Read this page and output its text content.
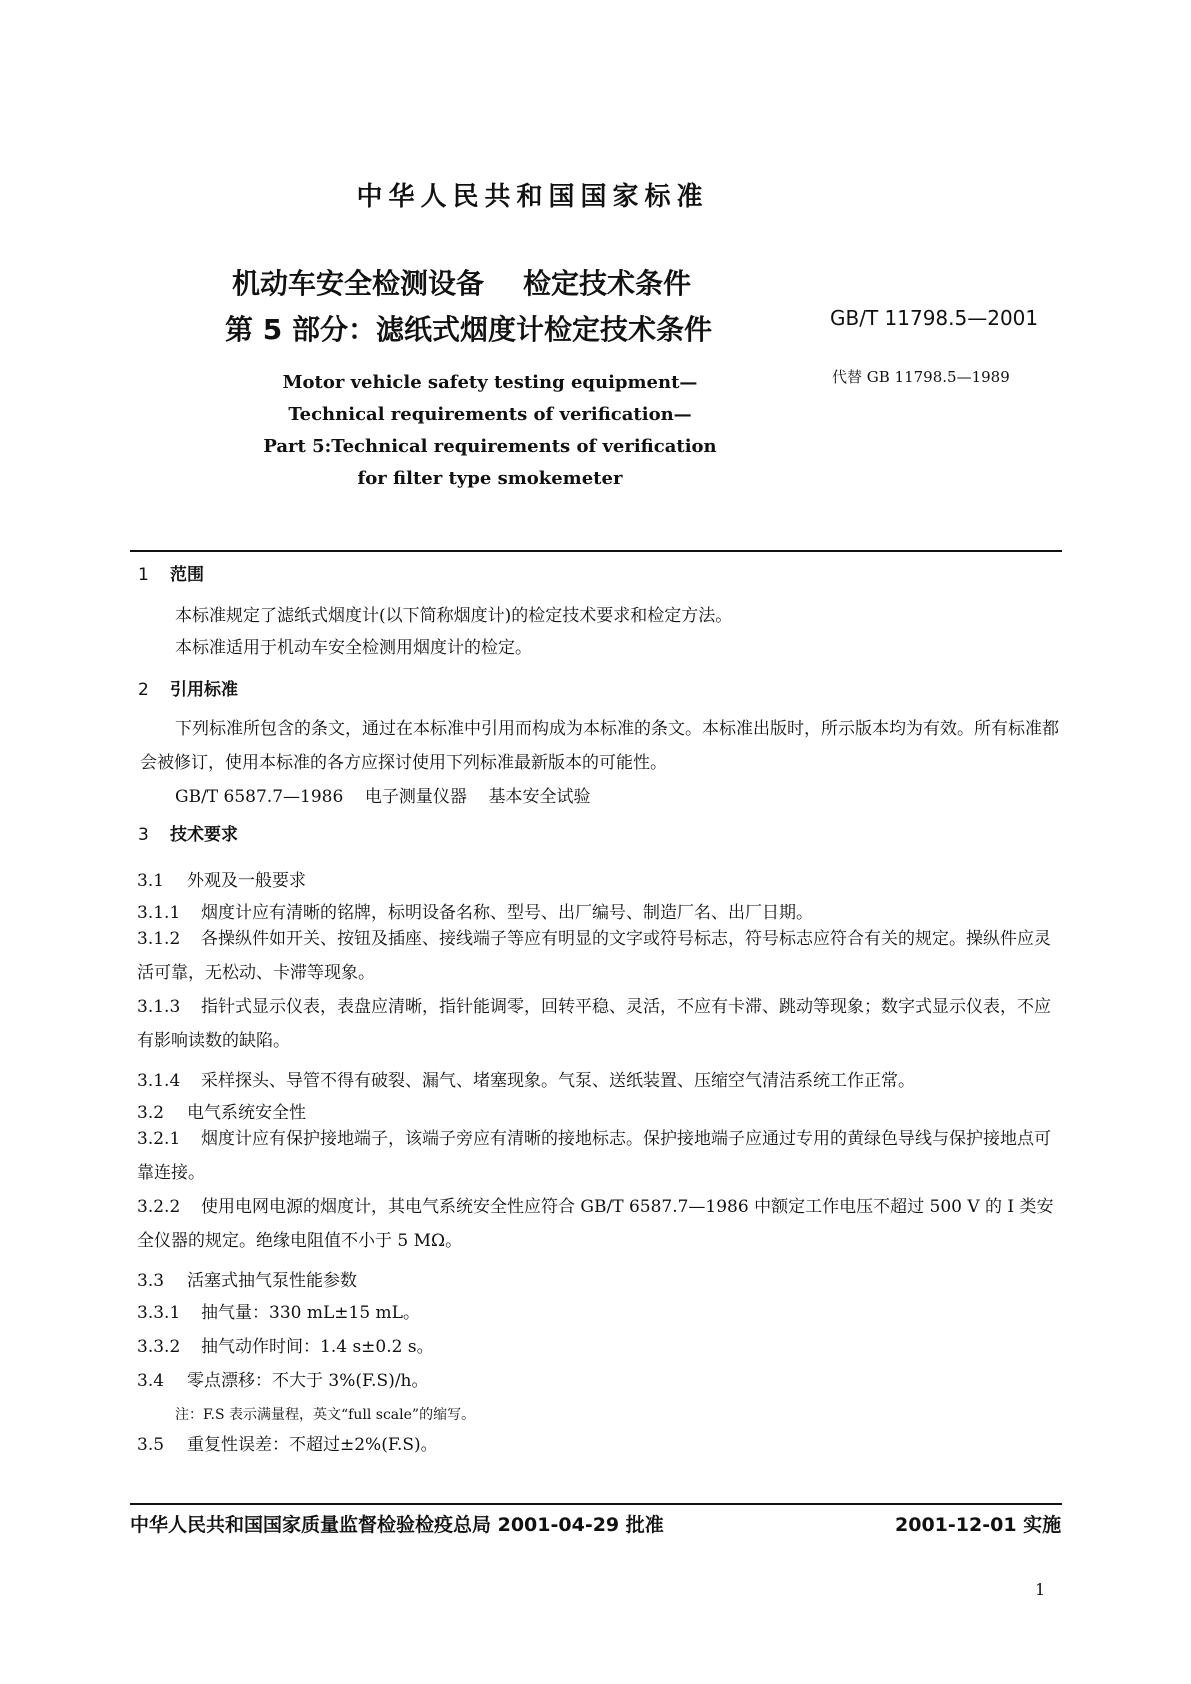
中华人民共和国国家标准
机动车安全检测设备    检定技术条件
第 5 部分：滤纸式烟度计检定技术条件	GB/T 11798.5—2001
代替 GB 11798.5—1989
Motor vehicle safety testing equipment—
Technical requirements of verification—
Part 5:Technical requirements of verification
for filter type smokemeter
1 范围
本标准规定了滤纸式烟度计(以下简称烟度计)的检定技术要求和检定方法。
本标准适用于机动车安全检测用烟度计的检定。
2 引用标准
下列标准所包含的条文，通过在本标准中引用而构成为本标准的条文。本标准出版时，所示版本均为有效。所有标准都会被修订，使用本标准的各方应探讨使用下列标准最新版本的可能性。
GB/T 6587.7—1986    电子测量仪器    基本安全试验
3 技术要求
3.1 外观及一般要求
3.1.1 烟度计应有清晰的铭牌，标明设备名称、型号、出厂编号、制造厂名、出厂日期。
3.1.2 各操纵件如开关、按钮及插座、接线端子等应有明显的文字或符号标志，符号标志应符合有关的规定。操纵件应灵活可靠，无松动、卡滞等现象。
3.1.3 指针式显示仪表，表盘应清晰，指针能调零，回转平稳、灵活，不应有卡滞、跳动等现象；数字式显示仪表，不应有影响读数的缺陷。
3.1.4 采样探头、导管不得有破裂、漏气、堵塞现象。气泵、送纸装置、压缩空气清洁系统工作正常。
3.2 电气系统安全性
3.2.1 烟度计应有保护接地端子，该端子旁应有清晰的接地标志。保护接地端子应通过专用的黄绿色导线与保护接地点可靠连接。
3.2.2 使用电网电源的烟度计，其电气系统安全性应符合 GB/T 6587.7—1986 中额定工作电压不超过 500 V 的 I 类安全仪器的规定。绝缘电阻值不小于 5 MΩ。
3.3 活塞式抽气泵性能参数
3.3.1 抽气量：330 mL±15 mL。
3.3.2 抽气动作时间：1.4 s±0.2 s。
3.4 零点漂移：不大于 3%(F.S)/h。
注：F.S 表示满量程，英文“full scale”的缩写。
3.5 重复性误差：不超过±2%(F.S)。
中华人民共和国国家质量监督检验检疫总局 2001-04-29 批准	2001-12-01 实施
1
